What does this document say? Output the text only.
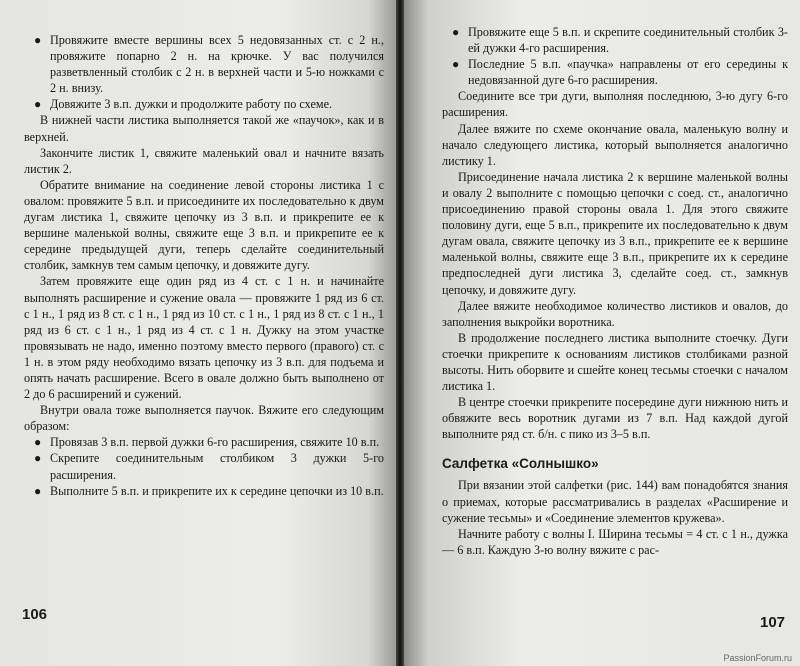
● Провяжите вместе вершины всех 5 недовязанных ст. с 2 н., провяжите попарно 2 н. на крючке. У вас получился разветвленный столбик с 2 н. в верхней части и 5-ю ножками с 2 н. внизу.
● Довяжите 3 в.п. дужки и продолжите работу по схеме.

В нижней части листика выполняется такой же «паучок», как и в верхней.

Закончите листик 1, свяжите маленький овал и начните вязать листик 2.

Обратите внимание на соединение левой стороны листика 1 с овалом: провяжите 5 в.п. и присоедините их последовательно к двум дугам листика 1, свяжите цепочку из 3 в.п. и прикрепите ее к вершине маленькой волны, свяжите еще 3 в.п. и прикрепите ее к середине предыдущей дуги, теперь сделайте соединительный столбик, замкнув тем самым цепочку, и довяжите дугу.

Затем провяжите еще один ряд из 4 ст. с 1 н. и начинайте выполнять расширение и сужение овала — провяжите 1 ряд из 6 ст. с 1 н., 1 ряд из 8 ст. с 1 н., 1 ряд из 10 ст. с 1 н., 1 ряд из 8 ст. с 1 н., 1 ряд из 6 ст. с 1 н., 1 ряд из 4 ст. с 1 н. Дужку на этом участке провязывать не надо, именно поэтому вместо первого (правого) ст. с 1 н. в этом ряду необходимо вязать цепочку из 3 в.п. для подъема и опять начать расширение. Всего в овале должно быть выполнено от 2 до 6 расширений и сужений.

Внутри овала тоже выполняется паучок. Вяжите его следующим образом:

● Провязав 3 в.п. первой дужки 6-го расширения, свяжите 10 в.п.
● Скрепите соединительным столбиком 3 дужки 5-го расширения.
● Выполните 5 в.п. и прикрепите их к середине цепочки из 10 в.п.
● Провяжите еще 5 в.п. и скрепите соединительный столбик 3-ей дужки 4-го расширения.
● Последние 5 в.п. «паучка» направлены от его середины к недовязанной дуге 6-го расширения.

Соедините все три дуги, выполняя последнюю, 3-ю дугу 6-го расширения.

Далее вяжите по схеме окончание овала, маленькую волну и начало следующего листика, который выполняется аналогично листику 1.

Присоединение начала листика 2 к вершине маленькой волны и овалу 2 выполните с помощью цепочки с соед. ст., аналогично присоединению правой стороны овала 1. Для этого свяжите половину дуги, еще 5 в.п., прикрепите их последовательно к двум дугам овала, свяжите цепочку из 3 в.п., прикрепите ее к вершине маленькой волны, свяжите еще 3 в.п., прикрепите их к середине предпоследней дуги листика 3, сделайте соед. ст., замкнув цепочку, и довяжите дугу.

Далее вяжите необходимое количество листиков и овалов, до заполнения выкройки воротника.

В продолжение последнего листика выполните стоечку. Дуги стоечки прикрепите к основаниям листиков столбиками разной высоты. Нить оборвите и сшейте конец тесьмы стоечки с началом листика 1.

В центре стоечки прикрепите посередине дуги нижнюю нить и обвяжите весь воротник дугами из 7 в.п. Над каждой дугой выполните ряд ст. б/н. с пико из 3–5 в.п.

Салфетка «Солнышко»

При вязании этой салфетки (рис. 144) вам понадобятся знания о приемах, которые рассматривались в разделах «Расширение и сужение тесьмы» и «Соединение элементов кружева».

Начните работу с волны I. Ширина тесьмы = 4 ст. с 1 н., дужка — 6 в.п. Каждую 3-ю волну вяжите с рас-

106	107
PassionForum.ru
